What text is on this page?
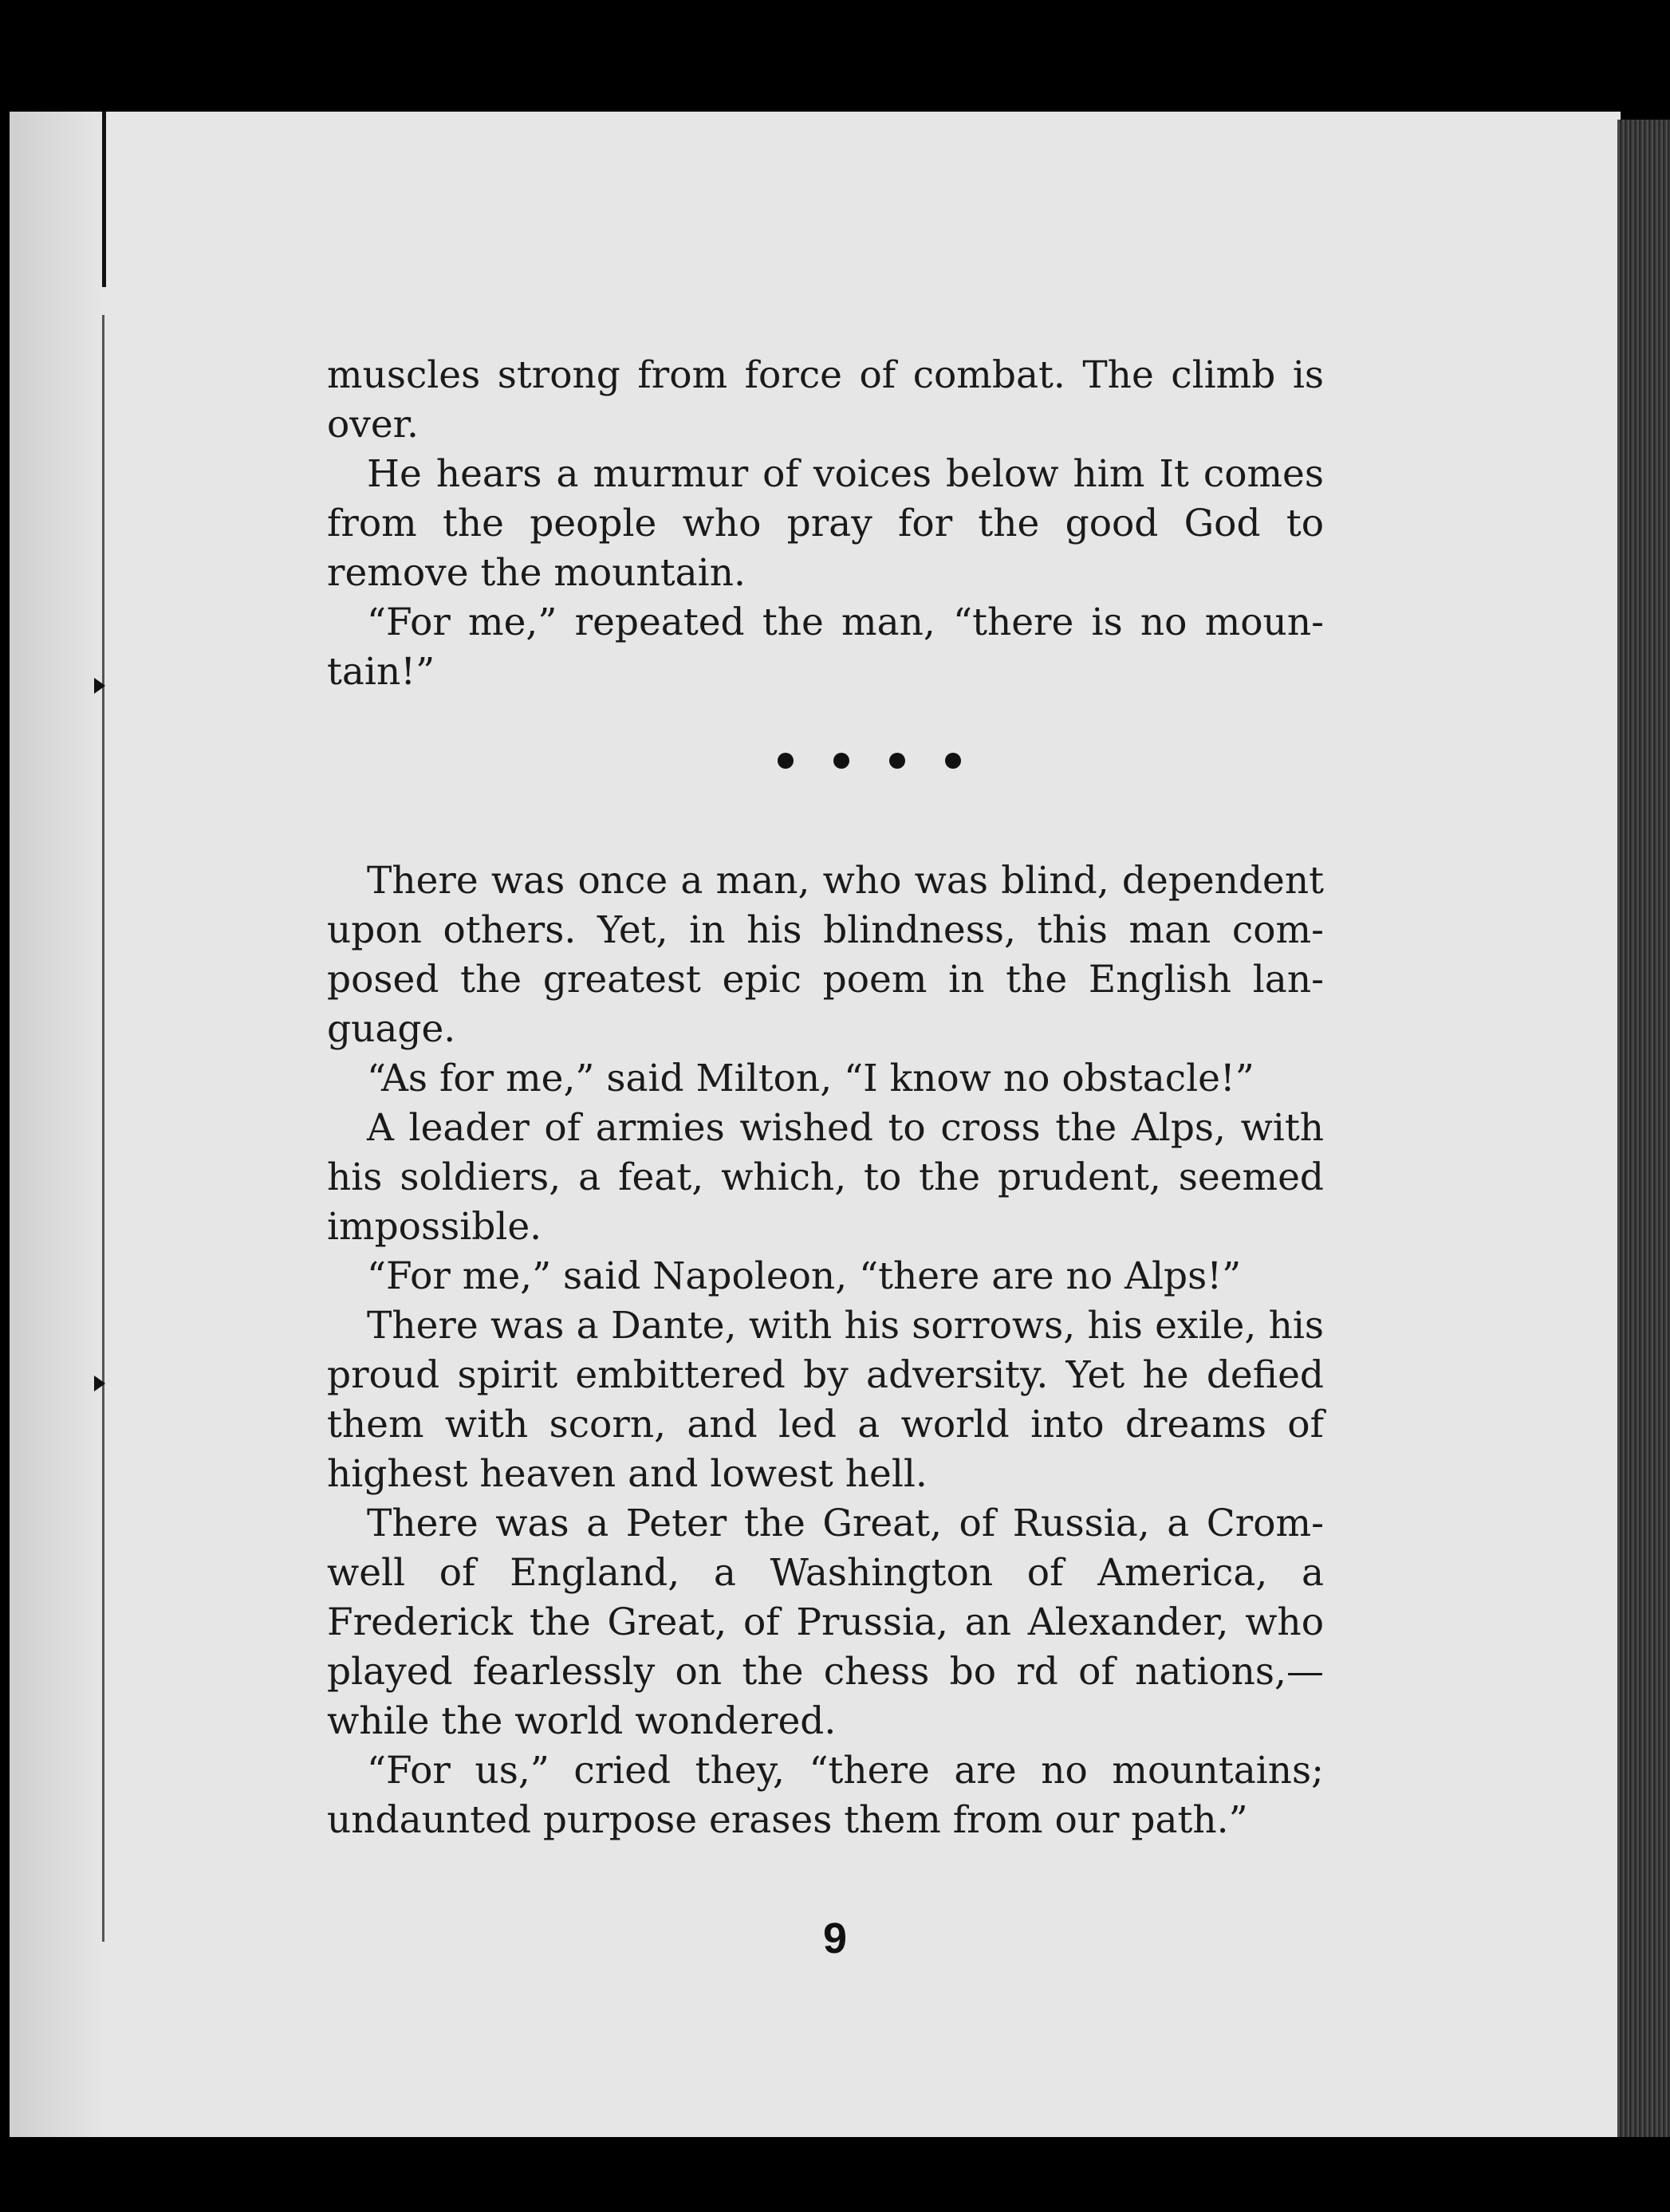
muscles strong from force of combat. The climb is over.

He hears a murmur of voices below him It comes from the people who pray for the good God to remove the mountain.

“For me,” repeated the man, “there is no mountain!”

There was once a man, who was blind, dependent upon others. Yet, in his blindness, this man composed the greatest epic poem in the English language.

“As for me,” said Milton, “I know no obstacle!”

A leader of armies wished to cross the Alps, with his soldiers, a feat, which, to the prudent, seemed impossible.

“For me,” said Napoleon, “there are no Alps!”

There was a Dante, with his sorrows, his exile, his proud spirit embittered by adversity. Yet he defied them with scorn, and led a world into dreams of highest heaven and lowest hell.

There was a Peter the Great, of Russia, a Cromwell of England, a Washington of America, a Frederick the Great, of Prussia, an Alexander, who played fearlessly on the chess bo rd of nations,—while the world wondered.

“For us,” cried they, “there are no mountains; undaunted purpose erases them from our path.”

9
